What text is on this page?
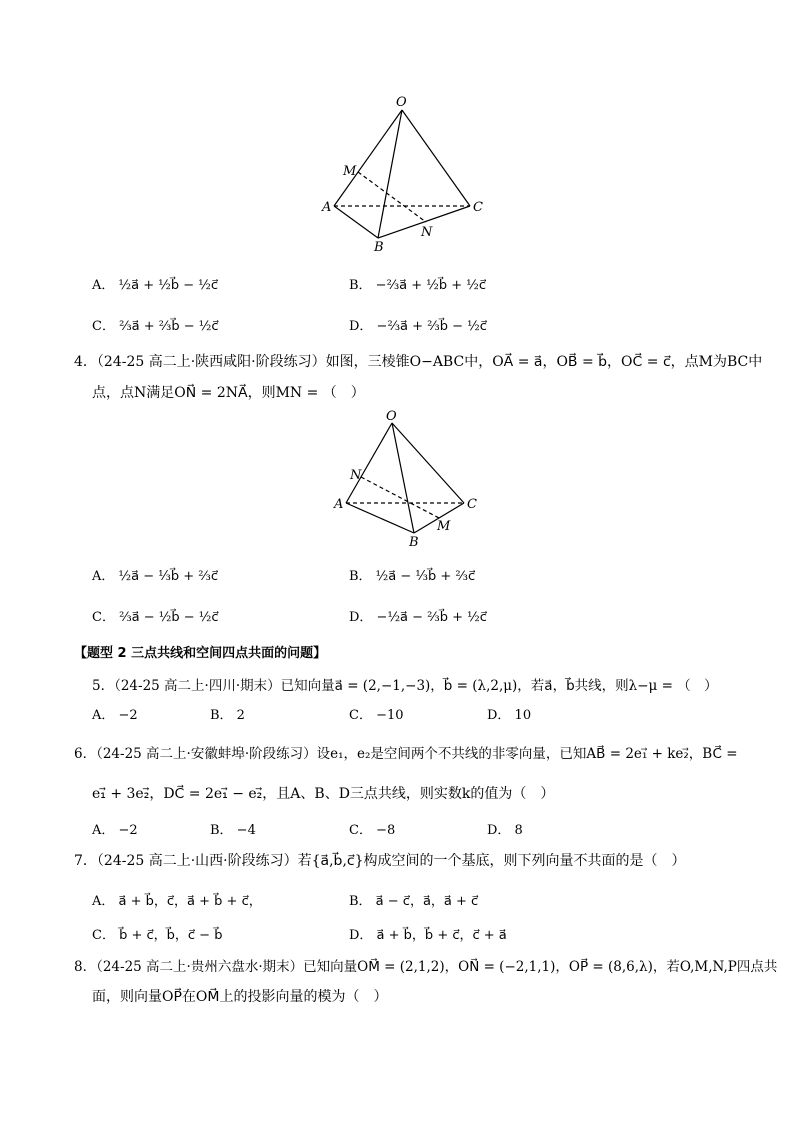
O
M
A
B
C
N
A． ½a⃗ + ½b⃗ − ½c⃗	B． −⅔a⃗ + ½b⃗ + ½c⃗
C． ⅔a⃗ + ⅔b⃗ − ½c⃗	D． −⅔a⃗ + ⅔b⃗ − ½c⃗
4．（24-25 高二上·陕西咸阳·阶段练习）如图，三棱锥O−ABC中，OA⃗ = a⃗，OB⃗ = b⃗，OC⃗ = c⃗，点M为BC中
点，点N满足ON⃗ = 2NA⃗，则MN = （　）
O
N
A
B
C
M
A． ½a⃗ − ⅓b⃗ + ⅔c⃗	B． ½a⃗ − ⅓b⃗ + ⅔c⃗
C． ⅔a⃗ − ½b⃗ − ½c⃗	D． −½a⃗ − ⅔b⃗ + ½c⃗
【题型 2 三点共线和空间四点共面的问题】
5．（24-25 高二上·四川·期末）已知向量a⃗ = (2,−1,−3)，b⃗ = (λ,2,μ)，若a⃗，b⃗共线，则λ−μ = （　）
A． −2	B． 2	C． −10	D． 10
6．（24-25 高二上·安徽蚌埠·阶段练习）设e₁，e₂是空间两个不共线的非零向量，已知AB⃗ = 2e₁⃗ + ke₂⃗，BC⃗ =
e₁⃗ + 3e₂⃗，DC⃗ = 2e₁⃗ − e₂⃗，且A、B、D三点共线，则实数k的值为（　）
A． −2	B． −4	C． −8	D． 8
7．（24-25 高二上·山西·阶段练习）若{a⃗,b⃗,c⃗}构成空间的一个基底，则下列向量不共面的是（　）
A． a⃗ + b⃗，c⃗，a⃗ + b⃗ + c⃗，	B． a⃗ − c⃗，a⃗，a⃗ + c⃗
C． b⃗ + c⃗，b⃗，c⃗ − b⃗	D． a⃗ + b⃗，b⃗ + c⃗，c⃗ + a⃗
8．（24-25 高二上·贵州六盘水·期末）已知向量OM⃗ = (2,1,2)，ON⃗ = (−2,1,1)，OP⃗ = (8,6,λ)，若O,M,N,P四点共
面，则向量OP⃗在OM⃗上的投影向量的模为（　）
